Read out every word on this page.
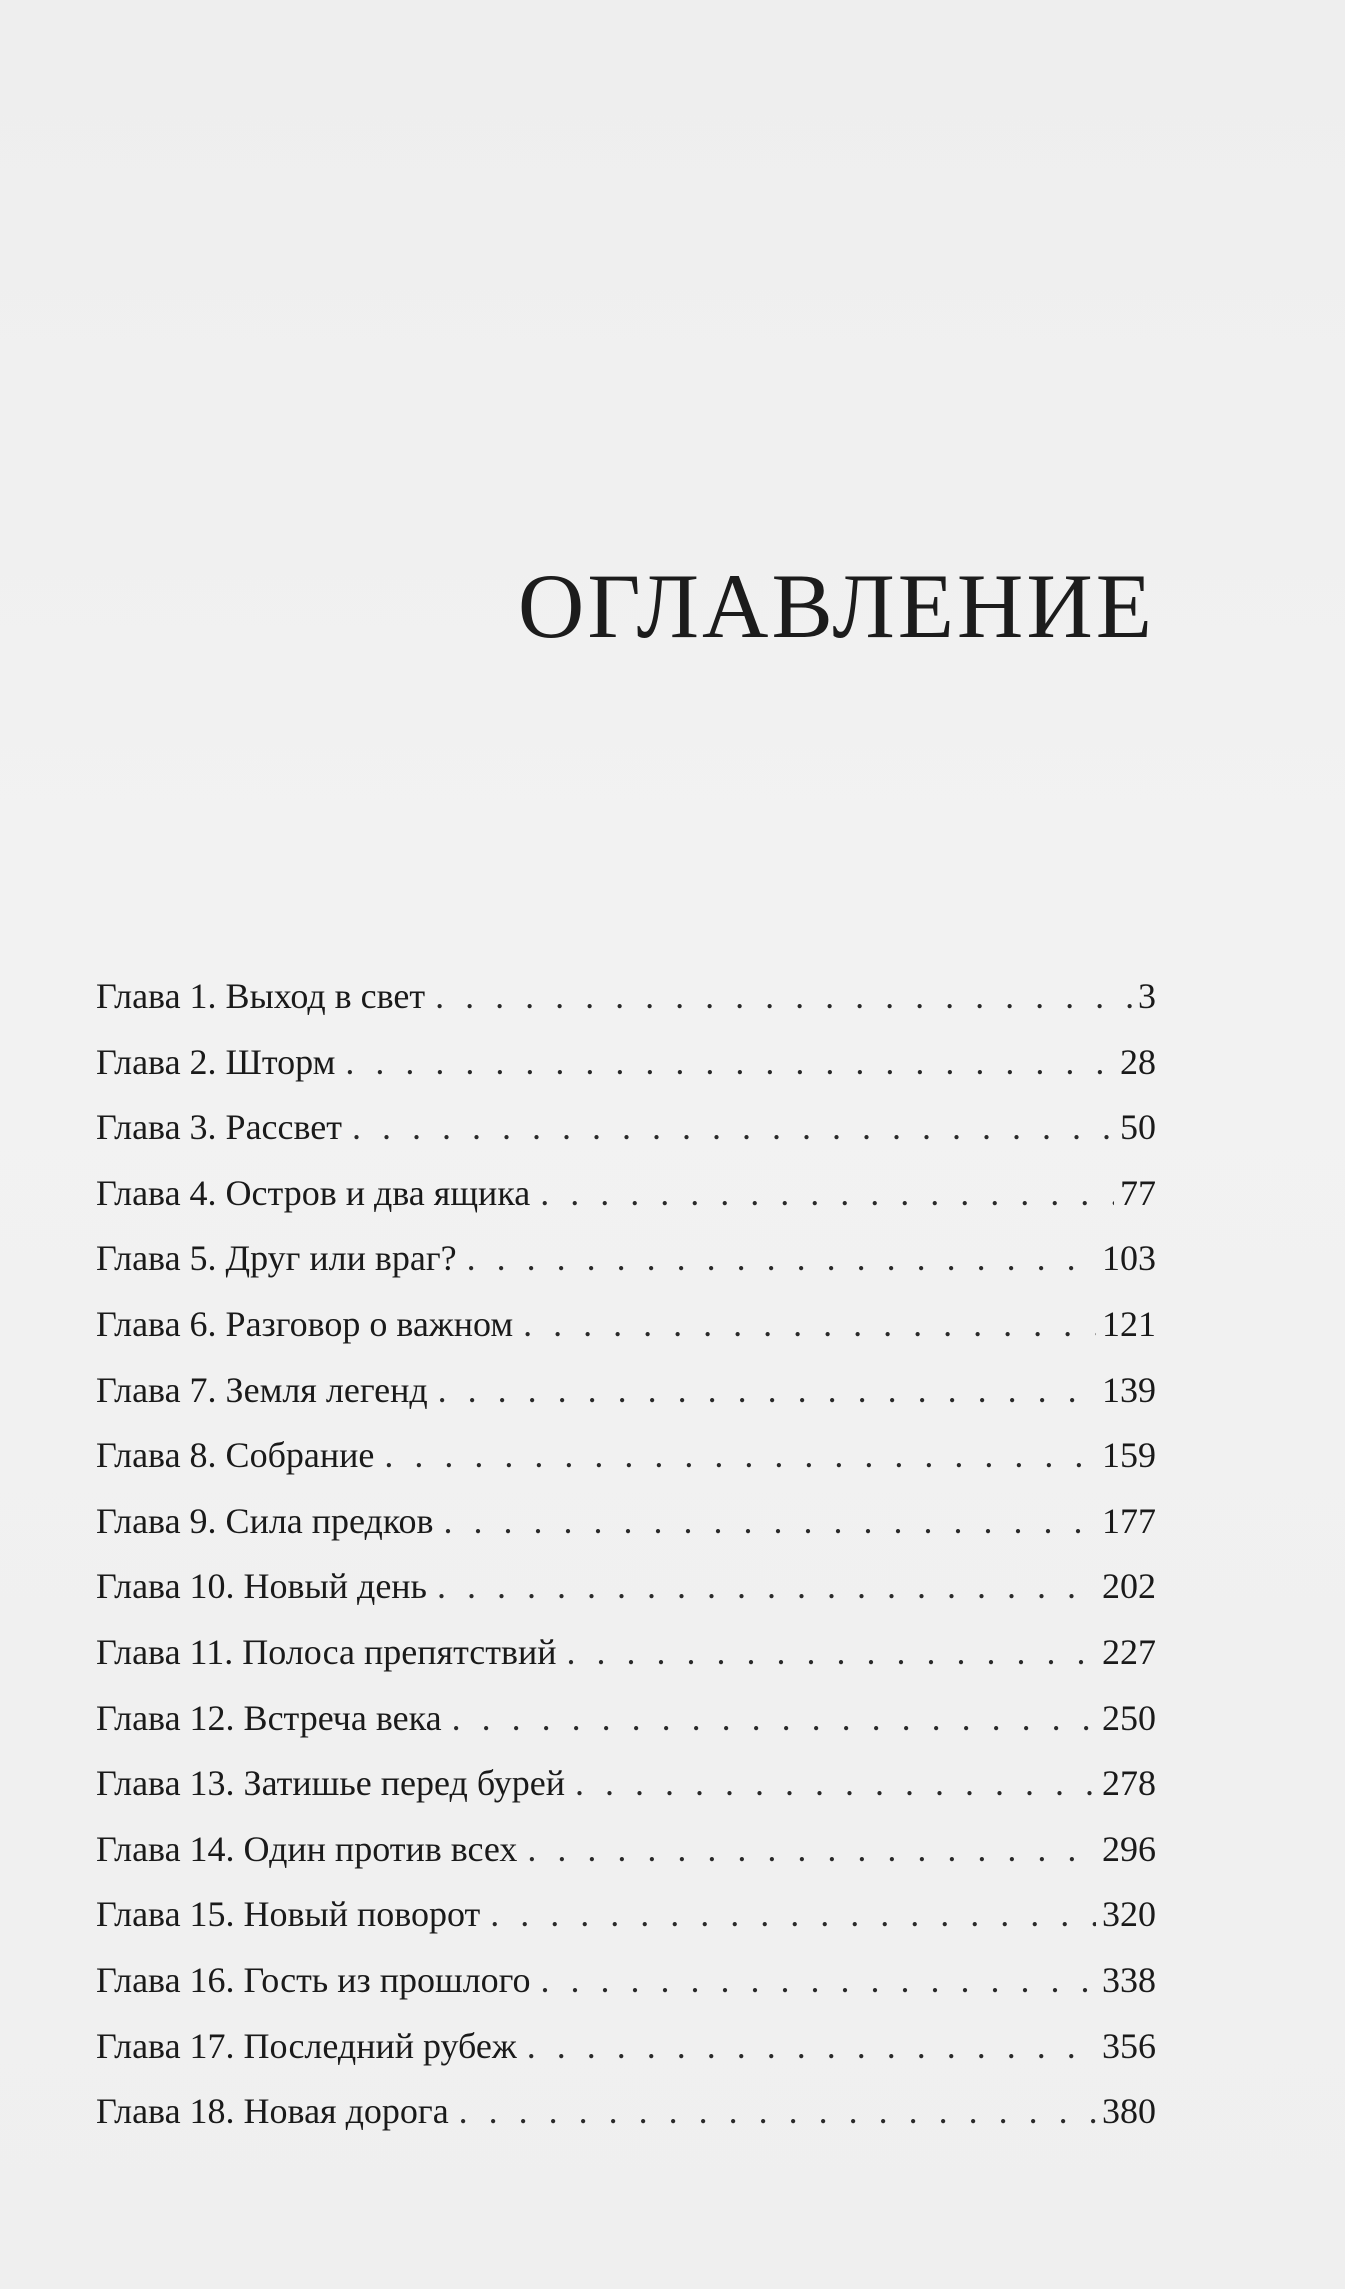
ОГЛАВЛЕНИЕ
Глава 1. Выход в свет . . .	3
Глава 2. Шторм . . .	28
Глава 3. Рассвет . . .	50
Глава 4. Остров и два ящика . . .	77
Глава 5. Друг или враг? . . .	103
Глава 6. Разговор о важном . . .	121
Глава 7. Земля легенд . . .	139
Глава 8. Собрание . . .	159
Глава 9. Сила предков . . .	177
Глава 10. Новый день . . .	202
Глава 11. Полоса препятствий . . .	227
Глава 12. Встреча века . . .	250
Глава 13. Затишье перед бурей . . .	278
Глава 14. Один против всех . . .	296
Глава 15. Новый поворот . . .	320
Глава 16. Гость из прошлого . . .	338
Глава 17. Последний рубеж . . .	356
Глава 18. Новая дорога . . .	380
